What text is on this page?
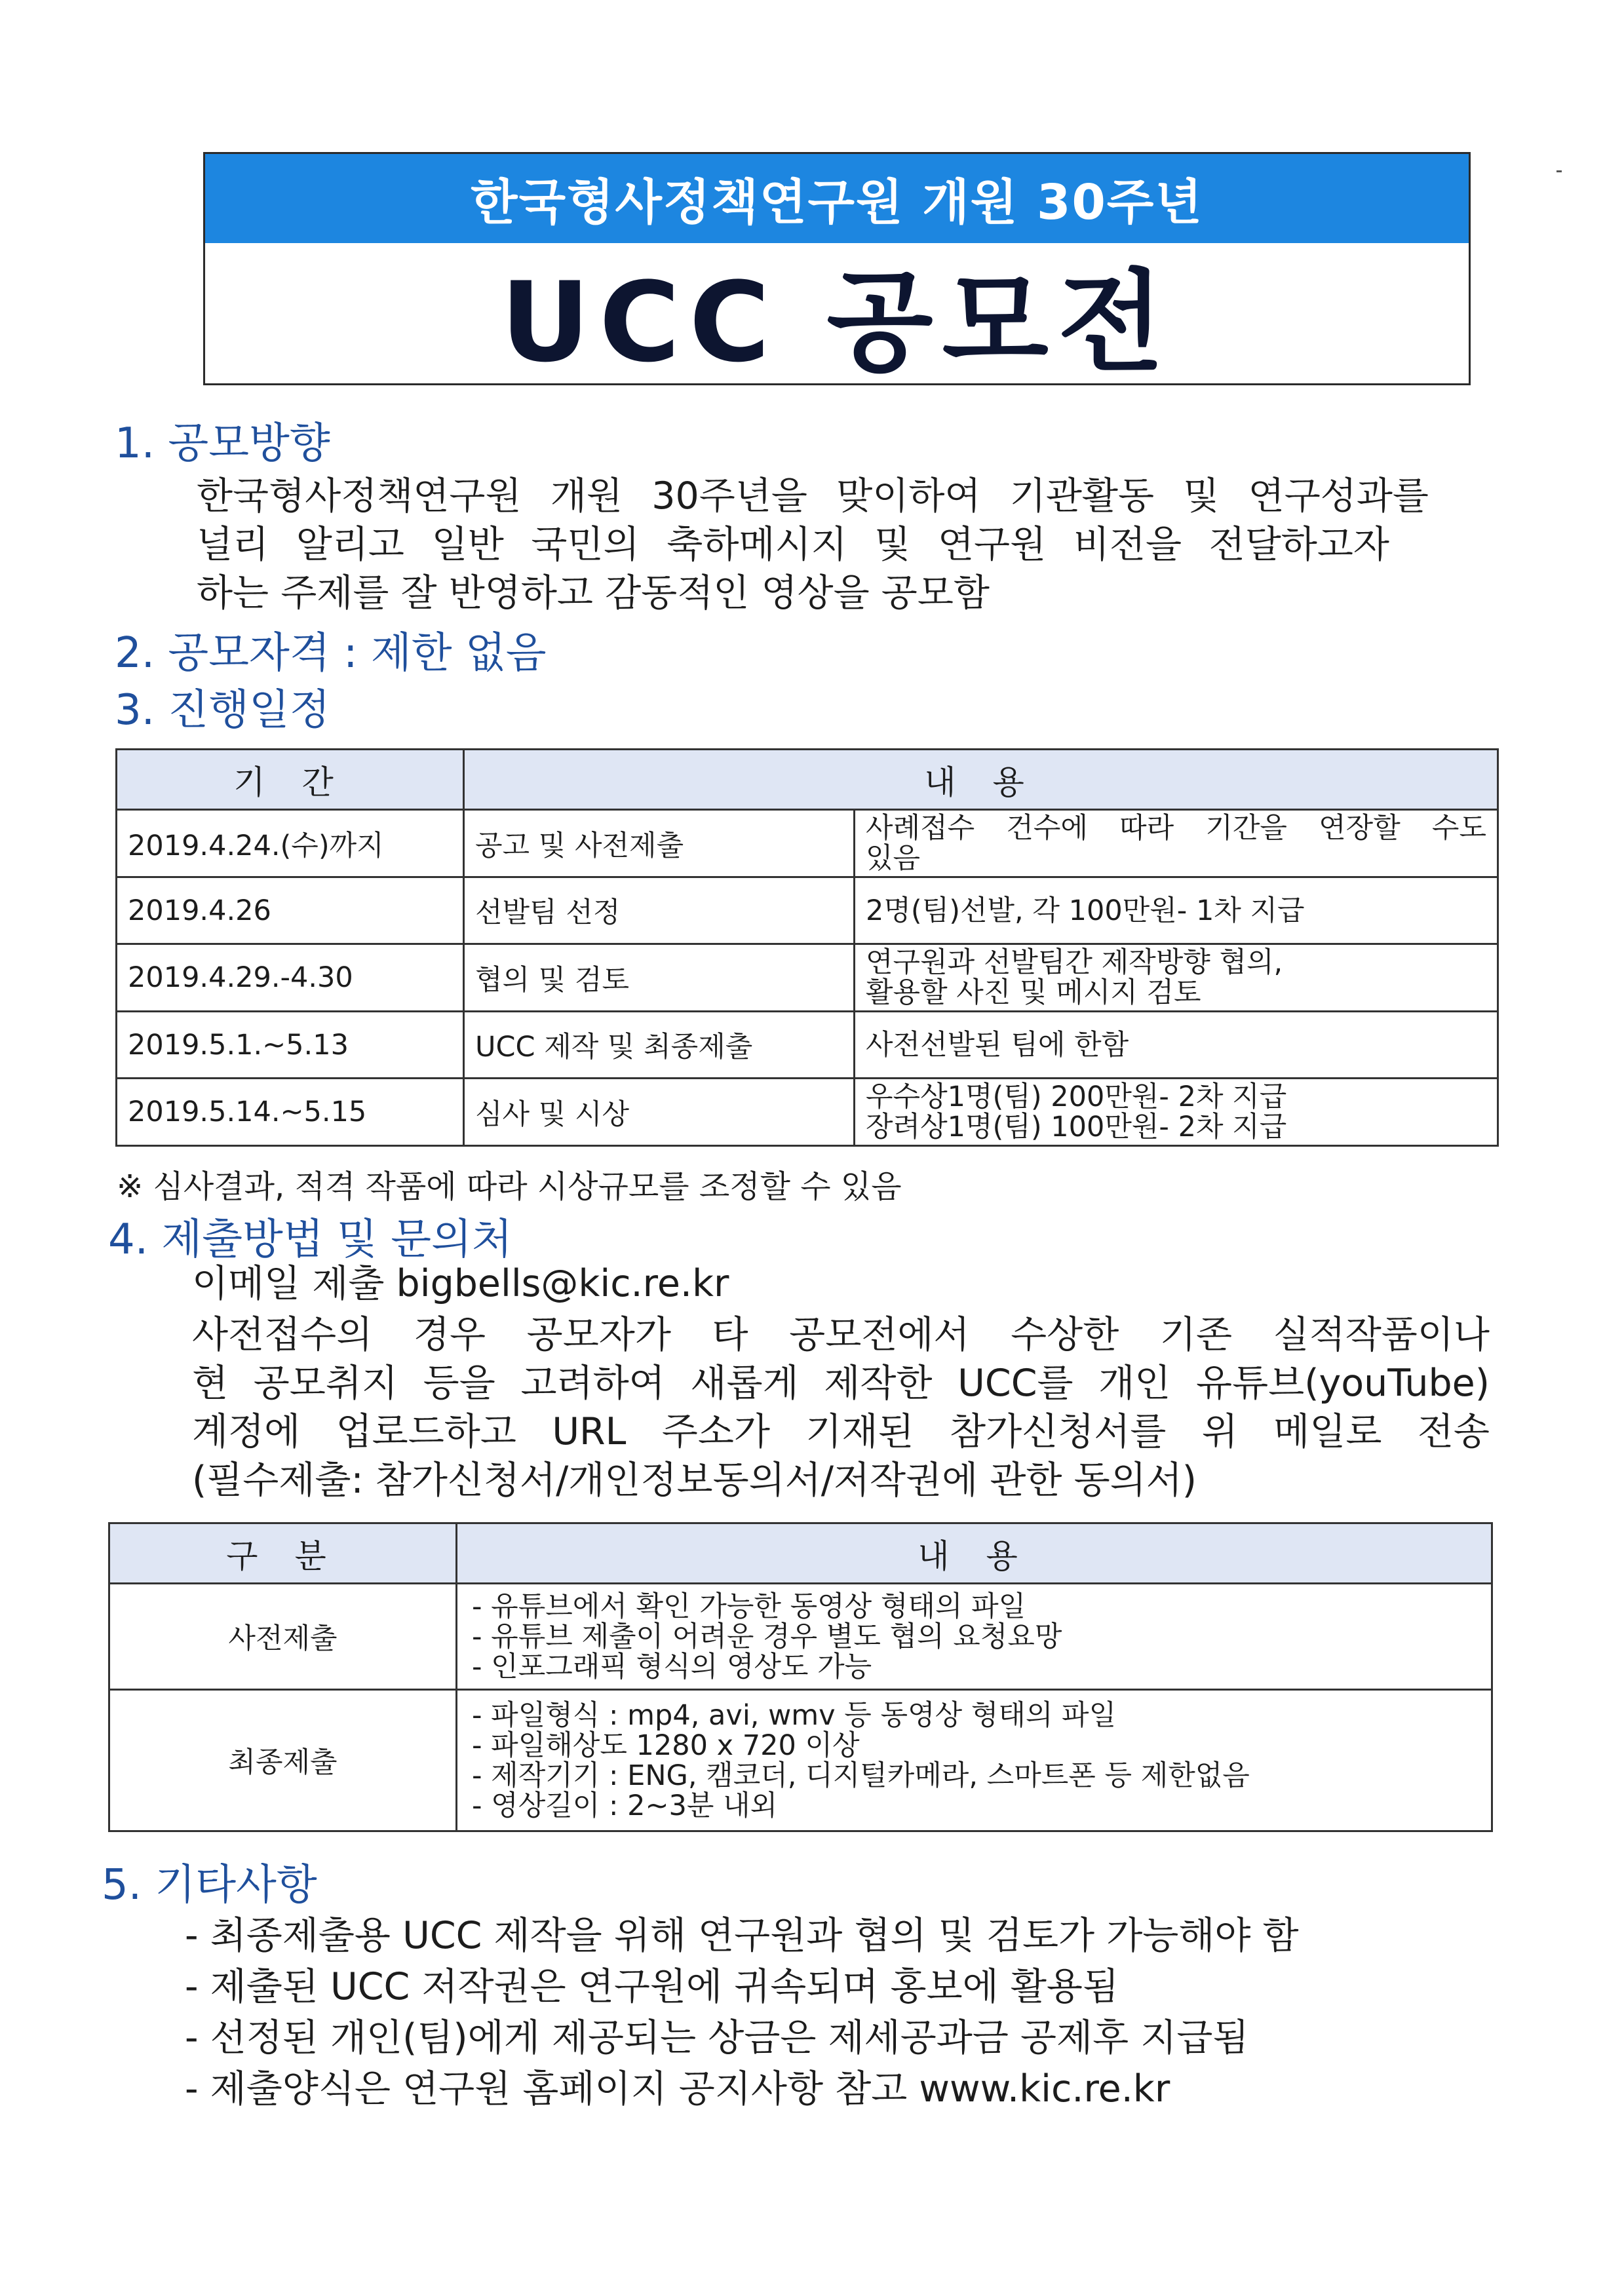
한국형사정책연구원 개원 30주년
UCC 공모전
1. 공모방향
한국형사정책연구원 개원 30주년을 맞이하여 기관활동 및 연구성과를
널리 알리고 일반 국민의 축하메시지 및 연구원 비전을 전달하고자
하는 주제를 잘 반영하고 감동적인 영상을 공모함
2. 공모자격 : 제한 없음
3. 진행일정
기 간	내 용	
2019.4.24.(수)까지	공고 및 사전제출	사례접수 건수에 따라 기간을 연장할 수도
있음

2019.4.26	선발팀 선정	2명(팀)선발, 각 100만원- 1차 지급
2019.4.29.-4.30	협의 및 검토	연구원과 선발팀간 제작방향 협의,
활용할 사진 및 메시지 검토

2019.5.1.~5.13	UCC 제작 및 최종제출	사전선발된 팀에 한함
2019.5.14.~5.15	심사 및 시상	우수상1명(팀) 200만원- 2차 지급
장려상1명(팀) 100만원- 2차 지급
※ 심사결과, 적격 작품에 따라 시상규모를 조정할 수 있음
4. 제출방법 및 문의처
이메일 제출 bigbells@kic.re.kr
사전접수의 경우 공모자가 타 공모전에서 수상한 기존 실적작품이나
현 공모취지 등을 고려하여 새롭게 제작한 UCC를 개인 유튜브(youTube)
계정에 업로드하고 URL 주소가 기재된 참가신청서를 위 메일로 전송
(필수제출: 참가신청서/개인정보동의서/저작권에 관한 동의서)
구 분	내 용
사전제출	- 유튜브에서 확인 가능한 동영상 형태의 파일
- 유튜브 제출이 어려운 경우 별도 협의 요청요망
- 인포그래픽 형식의 영상도 가능

최종제출	- 파일형식 : mp4, avi, wmv 등 동영상 형태의 파일
- 파일해상도 1280 x 720 이상
- 제작기기 : ENG, 캠코더, 디지털카메라, 스마트폰 등 제한없음
- 영상길이 : 2~3분 내외
5. 기타사항
- 최종제출용 UCC 제작을 위해 연구원과 협의 및 검토가 가능해야 함
- 제출된 UCC 저작권은 연구원에 귀속되며 홍보에 활용됨
- 선정된 개인(팀)에게 제공되는 상금은 제세공과금 공제후 지급됨
- 제출양식은 연구원 홈페이지 공지사항 참고 www.kic.re.kr
